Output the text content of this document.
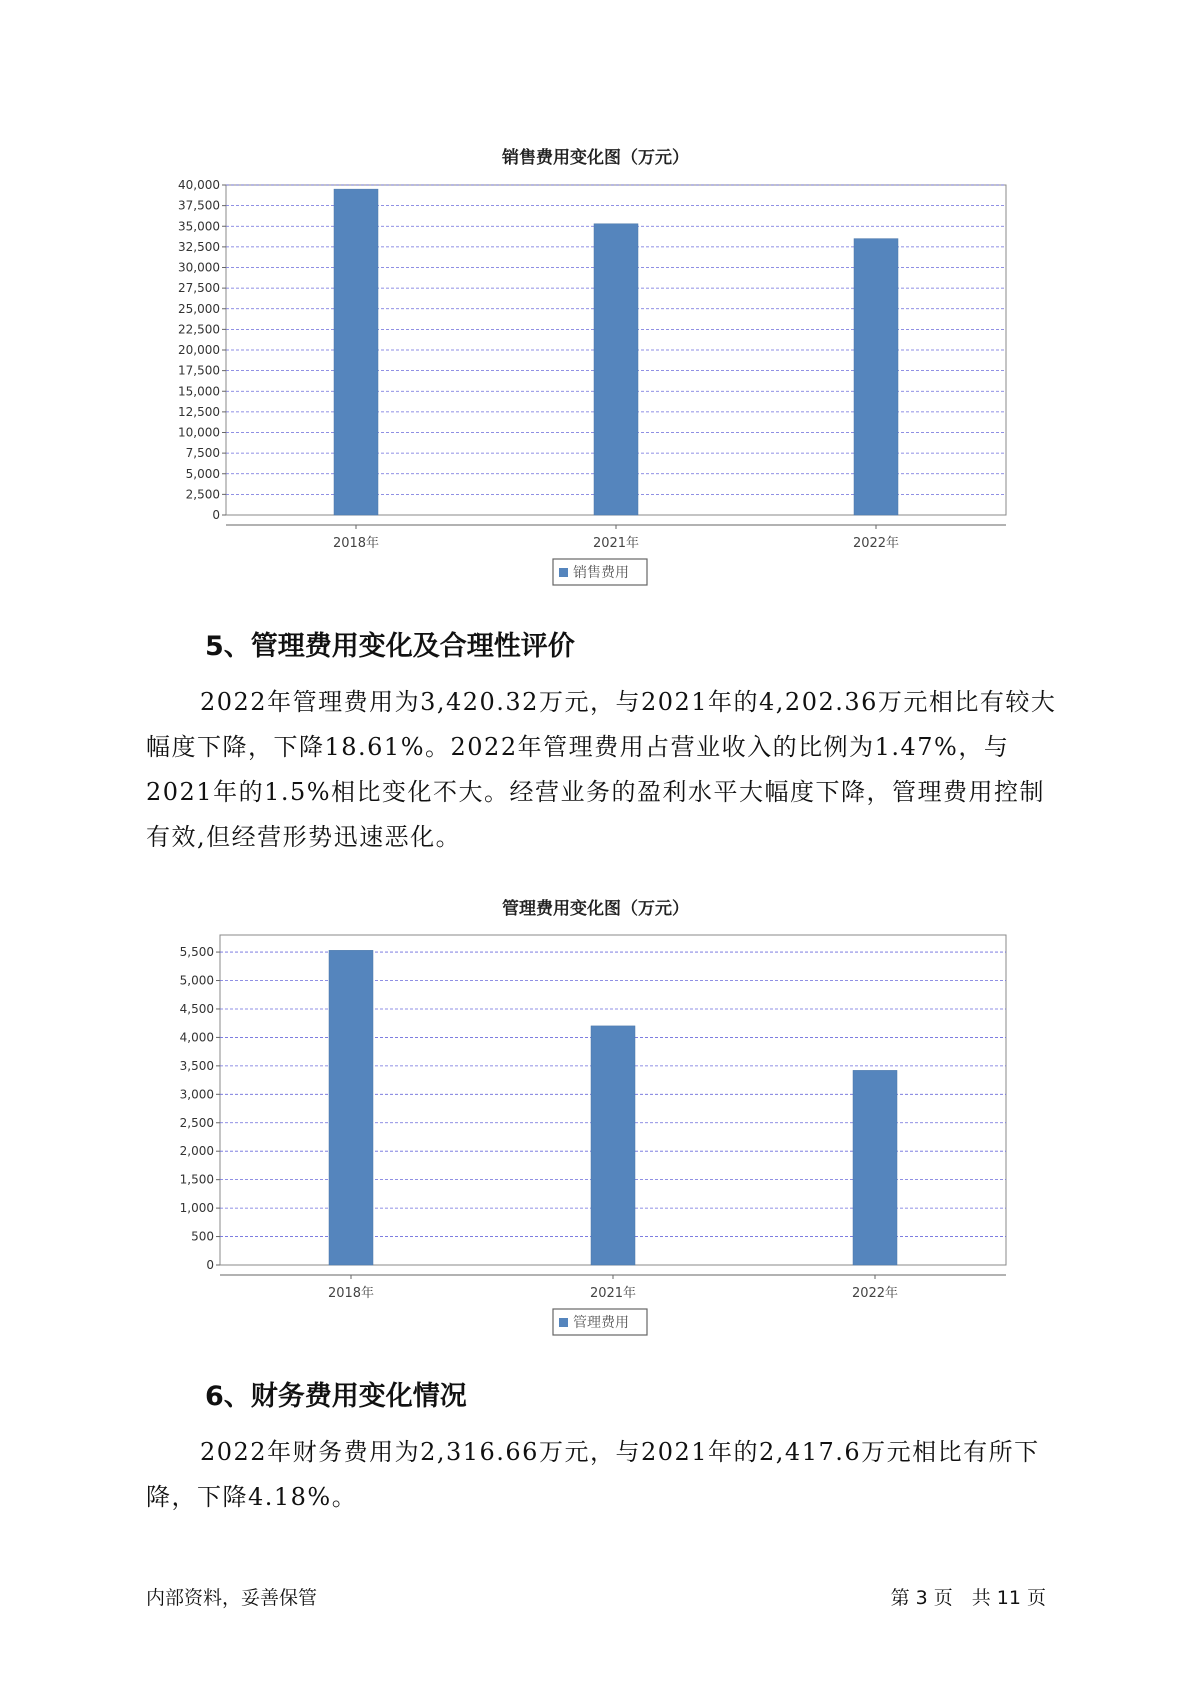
销售费用变化图（万元）
0
2,500
5,000
7,500
10,000
12,500
15,000
17,500
20,000
22,500
25,000
27,500
30,000
32,500
35,000
37,500
40,000
2018年	2021年	2022年
销售费用
5、管理费用变化及合理性评价
2022年管理费用为3,420.32万元，与2021年的4,202.36万元相比有较大幅度下降，下降18.61%。2022年管理费用占营业收入的比例为1.47%，与2021年的1.5%相比变化不大。经营业务的盈利水平大幅度下降，管理费用控制有效,但经营形势迅速恶化。
管理费用变化图（万元）
0
500
1,000
1,500
2,000
2,500
3,000
3,500
4,000
4,500
5,000
5,500
2018年	2021年	2022年
管理费用
6、财务费用变化情况
2022年财务费用为2,316.66万元，与2021年的2,417.6万元相比有所下降，下降4.18%。
内部资料，妥善保管	第 3 页　共 11 页
